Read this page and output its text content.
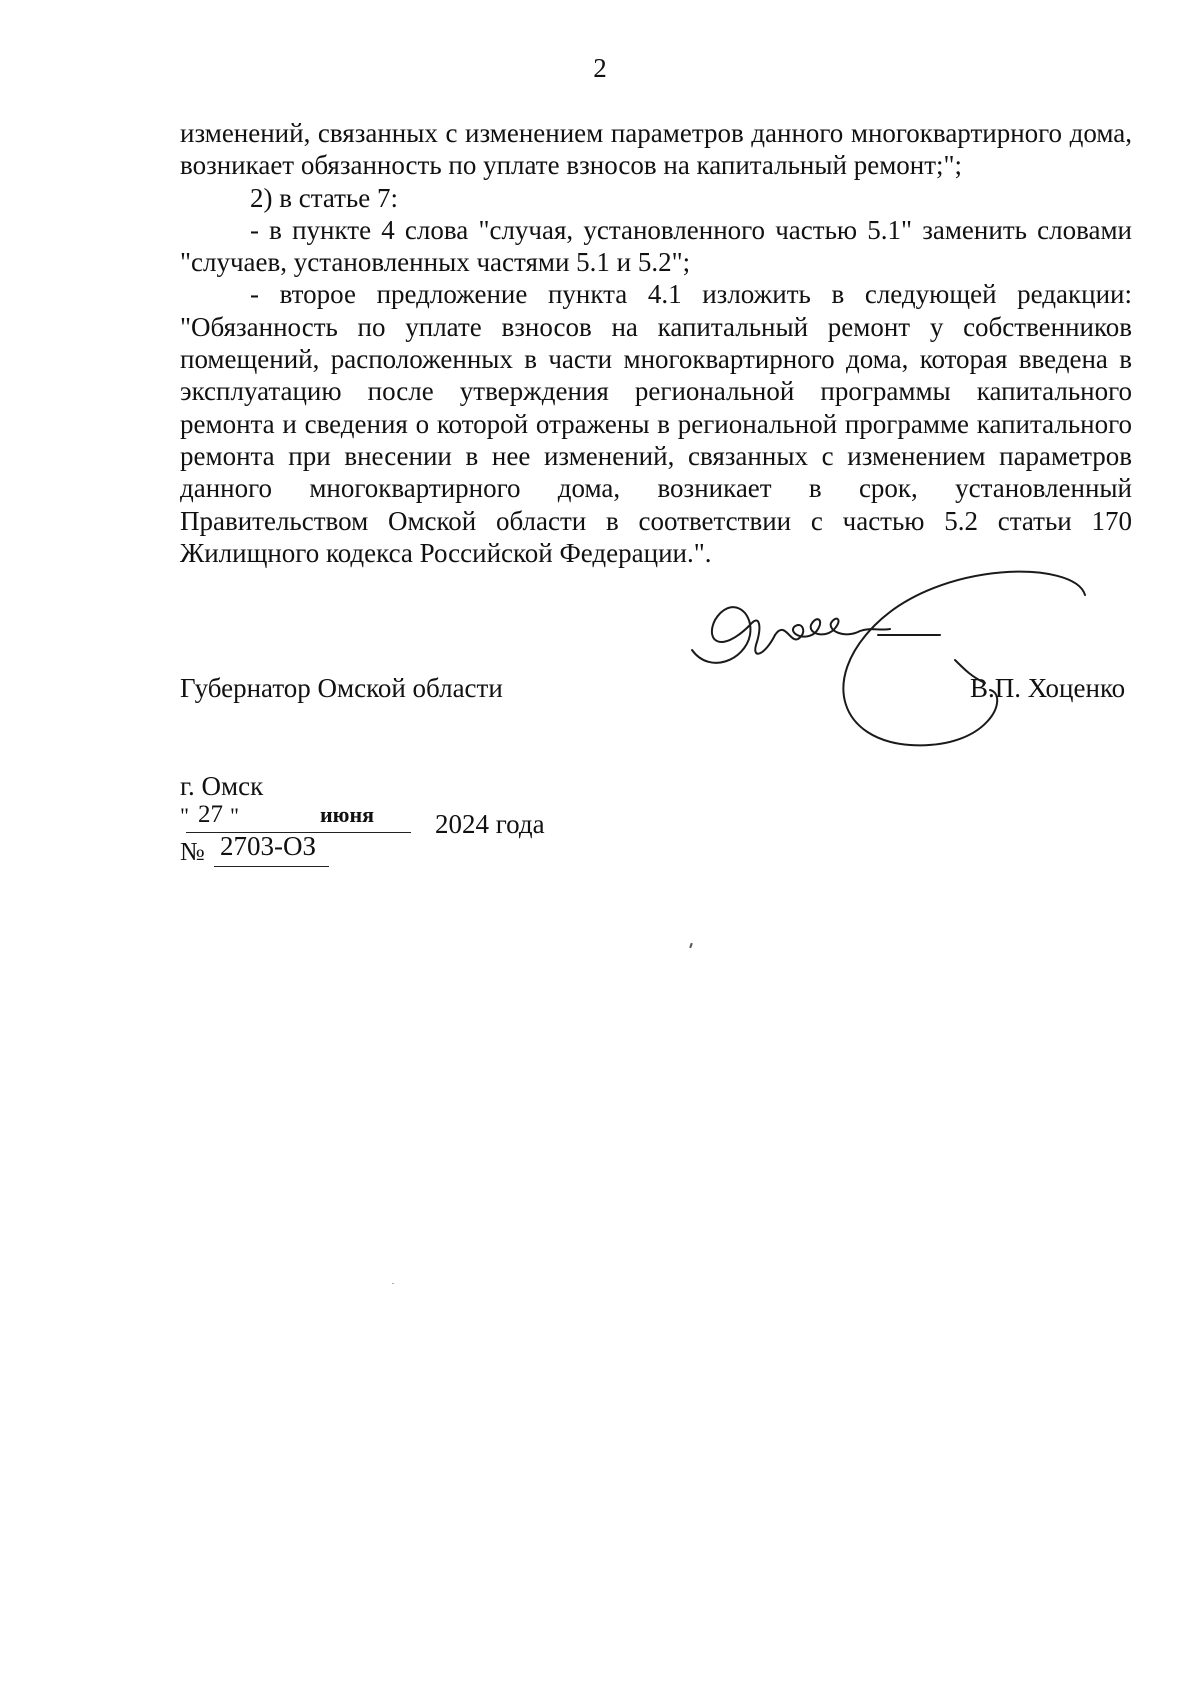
2

изменений, связанных с изменением параметров данного многоквартирного дома, возникает обязанность по уплате взносов на капитальный ремонт;";

2) в статье 7:

- в пункте 4 слова "случая, установленного частью 5.1" заменить словами "случаев, установленных частями 5.1 и 5.2";

- второе предложение пункта 4.1 изложить в следующей редакции: "Обязанность по уплате взносов на капитальный ремонт у собственников помещений, расположенных в части многоквартирного дома, которая введена в эксплуатацию после утверждения региональной программы капитального ремонта и сведения о которой отражены в региональной программе капитального ремонта при внесении в нее изменений, связанных с изменением параметров данного многоквартирного дома, возникает в срок, установленный Правительством Омской области в соответствии с частью 5.2 статьи 170 Жилищного кодекса Российской Федерации.".

Губернатор Омской области	В.П. Хоценко
г. Омск
" 27 "	июня 2024 года
№ 2703-ОЗ
